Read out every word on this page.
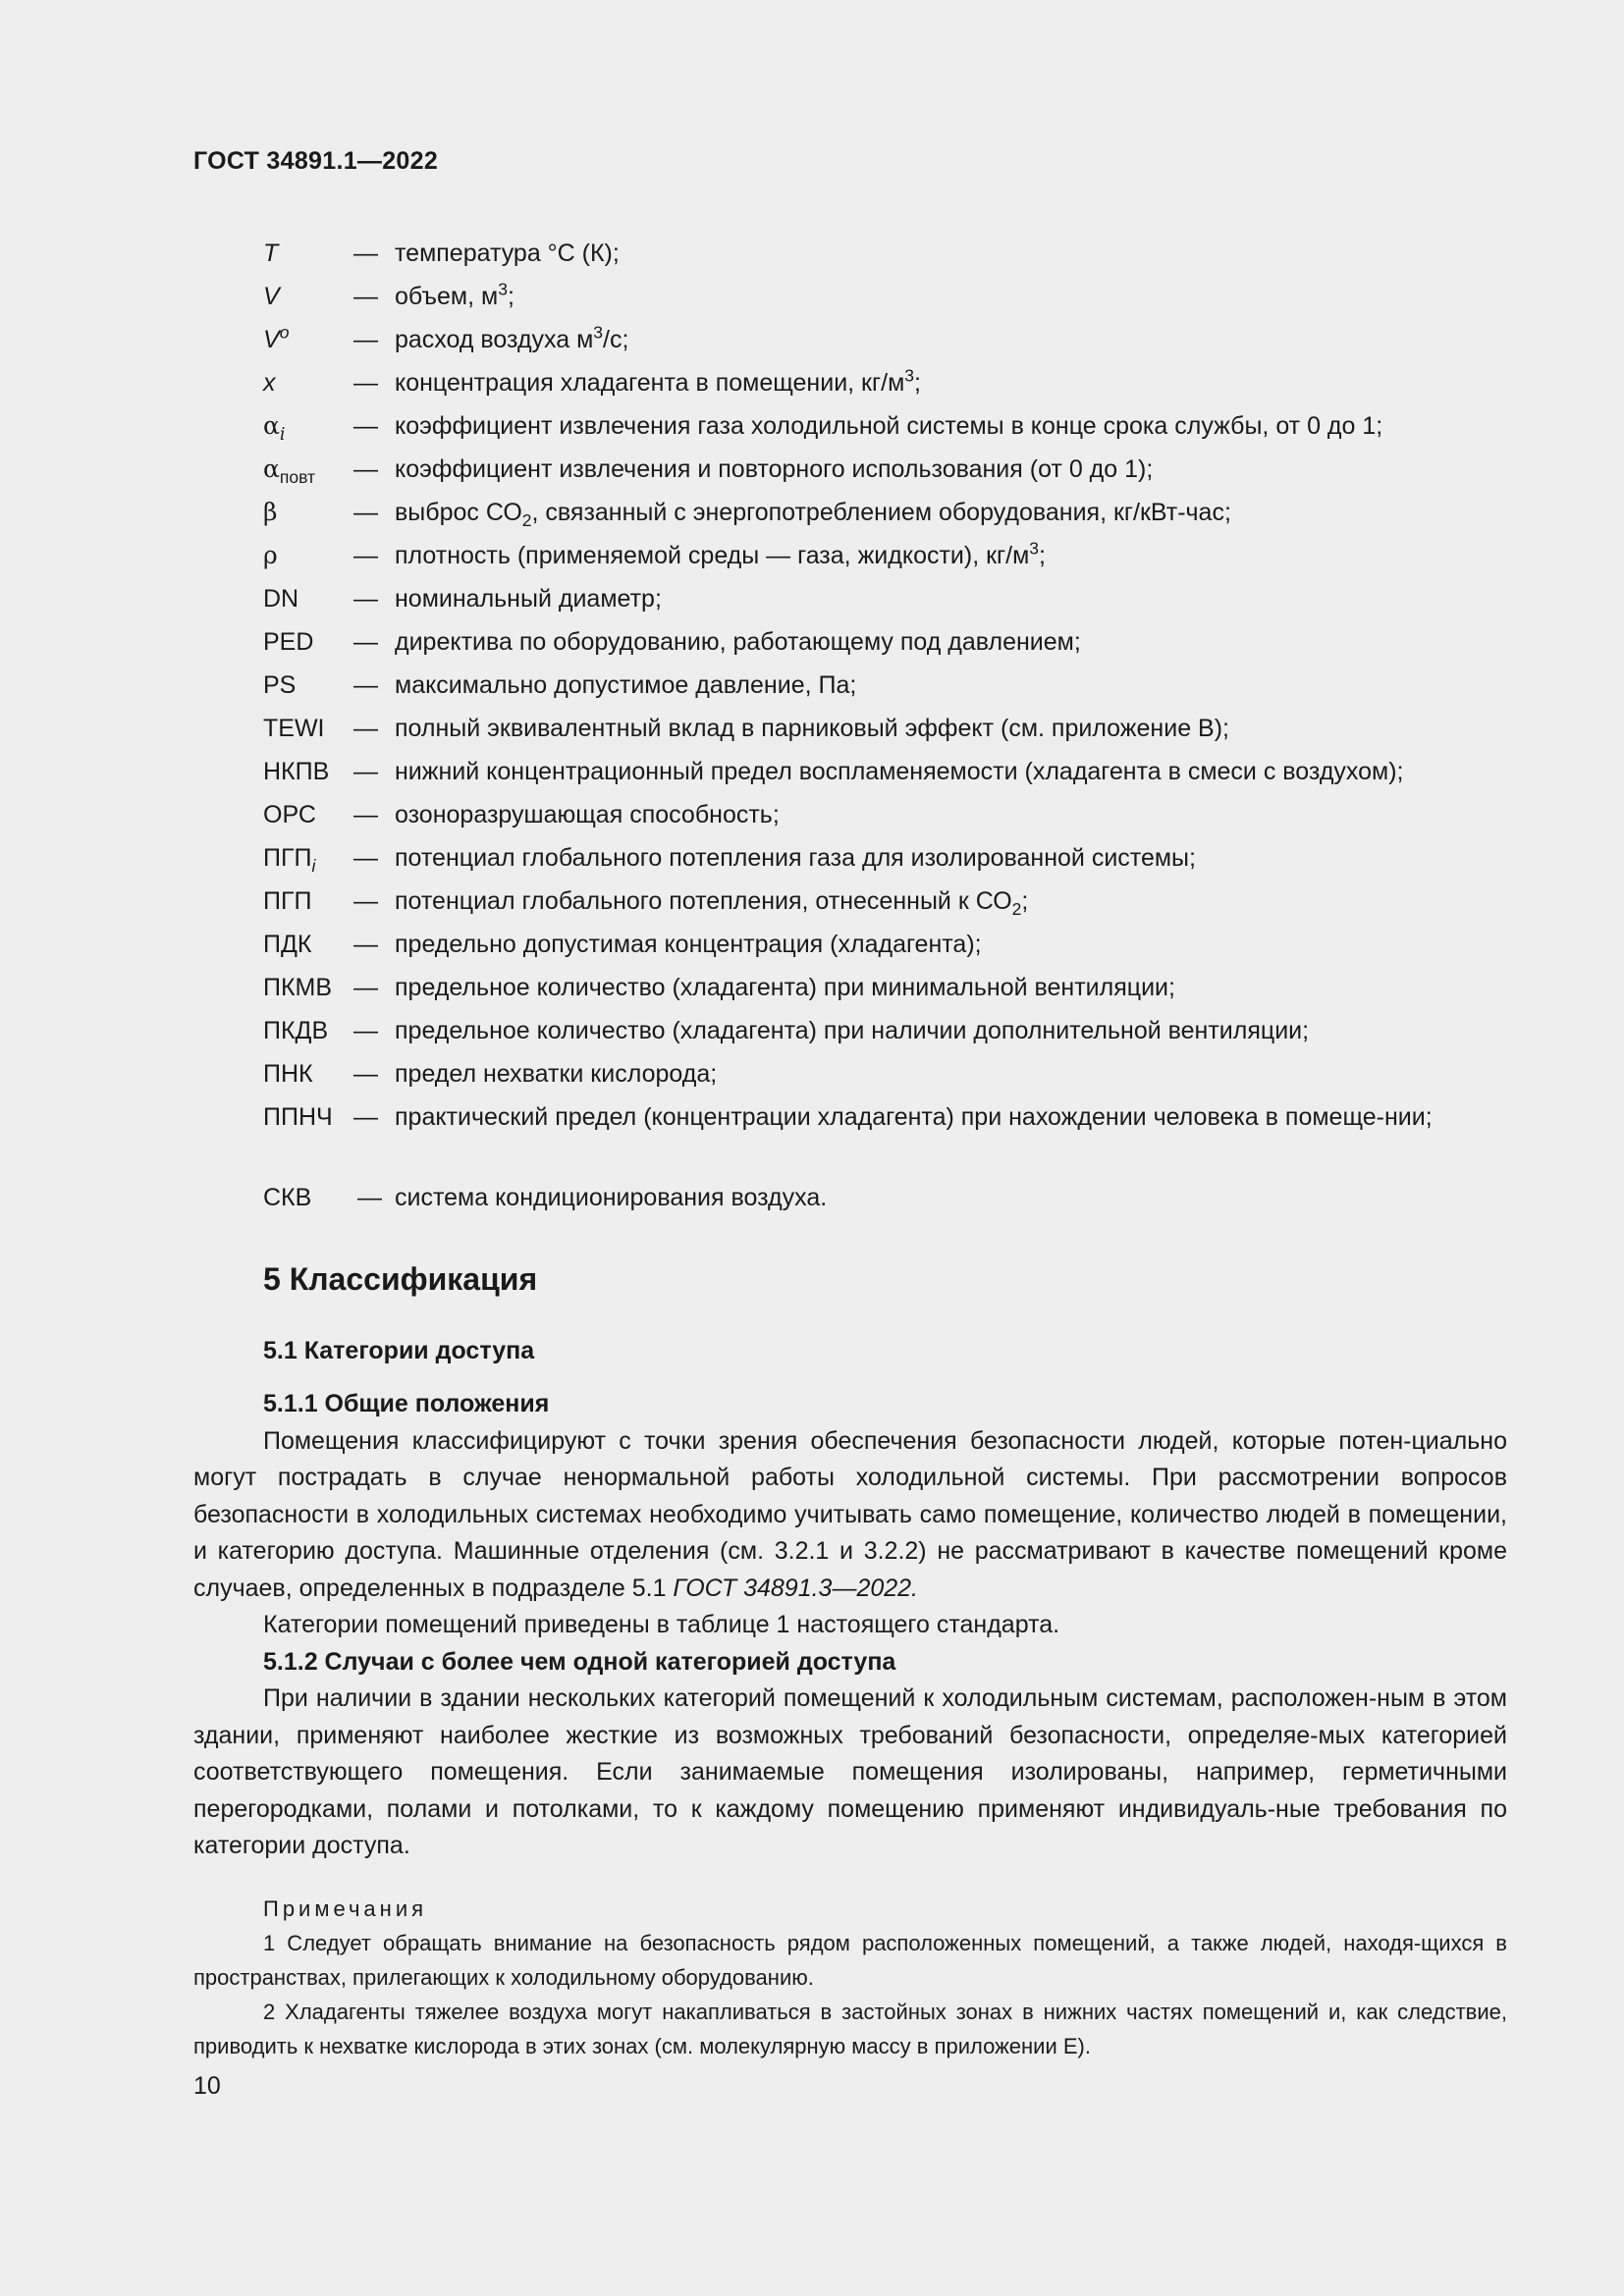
ГОСТ 34891.1—2022
T	— температура °С (К);
V	— объем, $м^3$;
$V^o$	— расход воздуха $м^3/с$;
x	— концентрация хладагента в помещении, $кг/м^3$;
$\alpha_i$	— коэффициент извлечения газа холодильной системы в конце срока службы, от 0 до 1;
$\alpha_{повт}$ — коэффициент извлечения и повторного использования (от 0 до 1);
β	— выброс $СО_2$, связанный с энергопотреблением оборудования, кг/кВт-час;
ρ	— плотность (применяемой среды — газа, жидкости), $кг/м^3$;
DN — номинальный диаметр;
PED — директива по оборудованию, работающему под давлением;
PS — максимально допустимое давление, Па;
TEWI — полный эквивалентный вклад в парниковый эффект (см. приложение В);
НКПВ — нижний концентрационный предел воспламеняемости (хладагента в смеси с воздухом);
ОРС — озоноразрушающая способность;
$ПГП_i$ — потенциал глобального потепления газа для изолированной системы;
ПГП — потенциал глобального потепления, отнесенный к $СО_2$;
ПДК — предельно допустимая концентрация (хладагента);
ПКМВ — предельное количество (хладагента) при минимальной вентиляции;
ПКДВ — предельное количество (хладагента) при наличии дополнительной вентиляции;
ПНК — предел нехватки кислорода;
ППНЧ — практический предел (концентрации хладагента) при нахождении человека в помеще-нии;
СКВ — система кондиционирования воздуха.
5 Классификация
5.1 Категории доступа

5.1.1 Общие положения

Помещения классифицируют с точки зрения обеспечения безопасности людей, которые потен-циально могут пострадать в случае ненормальной работы холодильной системы. При рассмотрении вопросов безопасности в холодильных системах необходимо учитывать само помещение, количество людей в помещении, и категорию доступа. Машинные отделения (см. 3.2.1 и 3.2.2) не рассматривают в качестве помещений кроме случаев, определенных в подразделе 5.1 ГОСТ 34891.3—2022.

Категории помещений приведены в таблице 1 настоящего стандарта.

5.1.2 Случаи с более чем одной категорией доступа

При наличии в здании нескольких категорий помещений к холодильным системам, расположен-ным в этом здании, применяют наиболее жесткие из возможных требований безопасности, определяе-мых категорией соответствующего помещения. Если занимаемые помещения изолированы, например, герметичными перегородками, полами и потолками, то к каждому помещению применяют индивидуаль-ные требования по категории доступа.

Примечания

1 Следует обращать внимание на безопасность рядом расположенных помещений, а также людей, находя-щихся в пространствах, прилегающих к холодильному оборудованию.

2 Хладагенты тяжелее воздуха могут накапливаться в застойных зонах в нижних частях помещений и, как следствие, приводить к нехватке кислорода в этих зонах (см. молекулярную массу в приложении Е).

10
